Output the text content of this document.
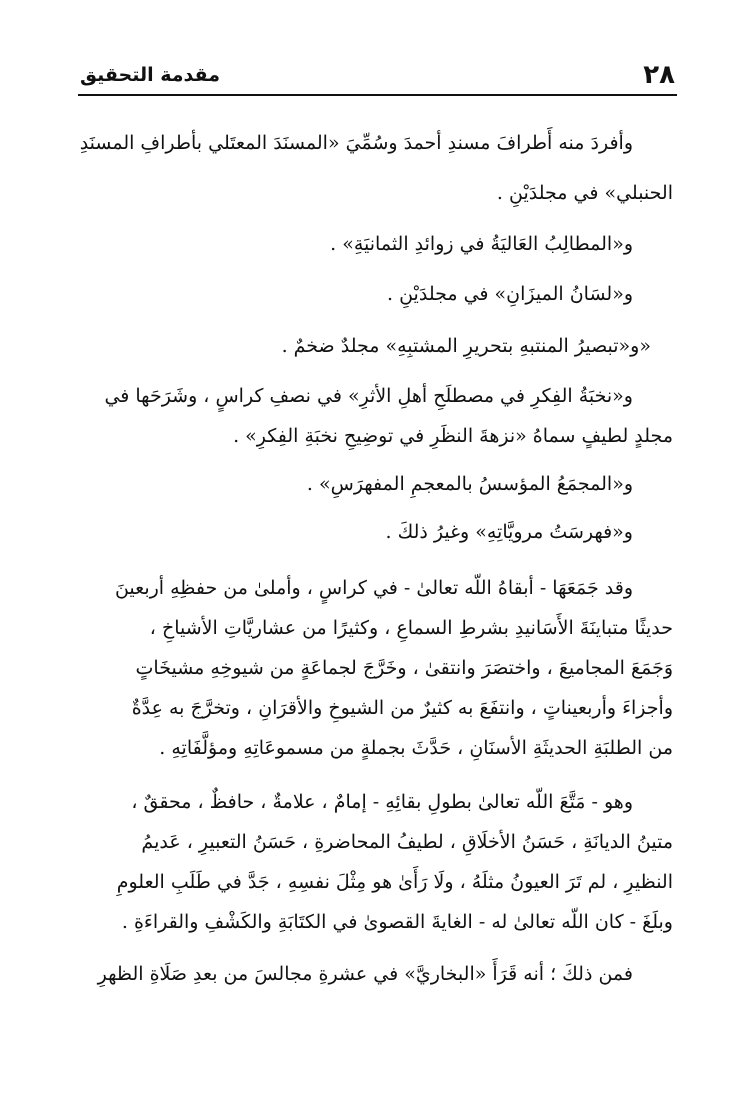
٢٨
مقدمة التحقيق
وأفردَ منه أَطرافَ مسندِ أحمدَ وسُمِّيَ «المسنَدَ المعتَلي بأطرافِ المسنَدِ
الحنبلي» في مجلدَيْنِ .
و«المطالِبُ العَاليَةُ في زوائدِ الثمانيَةِ» .
و«لسَانُ الميزَانِ» في مجلدَيْنِ .
«و«تبصيرُ المنتبهِ بتحريرِ المشتبِهِ» مجلدٌ ضخمٌ .
و«نخبَةُ الفِكرِ في مصطلَحِ أهلِ الأثرِ» في نصفِ كراسٍ ، وشَرَحَها في
مجلدٍ لطيفٍ سماهُ «نزهةَ النظَرِ في توضِيحِ نخبَةِ الفِكرِ» .
و«المجمَعُ المؤسسُ بالمعجمِ المفهرَسِ» .
و«فهرسَتُ مرويَّاتِهِ» وغيرُ ذلكَ .
وقد جَمَعَهَا - أبقاهُ اللّه تعالىٰ - في كراسٍ ، وأملىٰ من حفظِهِ أربعينَ
حديثًا متباينَةَ الأَسَانيدِ بشرطِ السماعِ ، وكثيرًا من عشاريَّاتِ الأشياخِ ،
وَجَمَعَ المجاميعَ ، واختصَرَ وانتقىٰ ، وخَرَّجَ لجماعَةٍ من شيوخِهِ مشيخَاتٍ
وأجزاءَ وأربعيناتٍ ، وانتفَعَ به كثيرٌ من الشيوخِ والأقرَانِ ، وتخرَّجَ به عِدَّةٌ
من الطلبَةِ الحديثَةِ الأسنَانِ ، حَدَّثَ بجملةٍ من مسموعَاتِهِ ومؤلَّفَاتِهِ .
وهو - مَتَّعَ اللّه تعالىٰ بطولِ بقائِهِ - إمامٌ ، علامةٌ ، حافظٌ ، محققٌ ،
متينُ الديانَةِ ، حَسَنُ الأخلَاقِ ، لطيفُ المحاضرةِ ، حَسَنُ التعبيرِ ، عَديمُ
النظيرِ ، لم تَرَ العيونُ مثلَهُ ، ولَا رَأَىٰ هو مِثْلَ نفسِهِ ، جَدَّ في طَلَبِ العلومِ
وبلَغَ - كان اللّه تعالىٰ له - الغايةَ القصوىٰ في الكتَابَةِ والكَشْفِ والقراءَةِ .
فمن ذلكَ ؛ أنه قَرَأَ «البخاريَّ» في عشرةِ مجالسَ من بعدِ صَلَاةِ الظهرِ
